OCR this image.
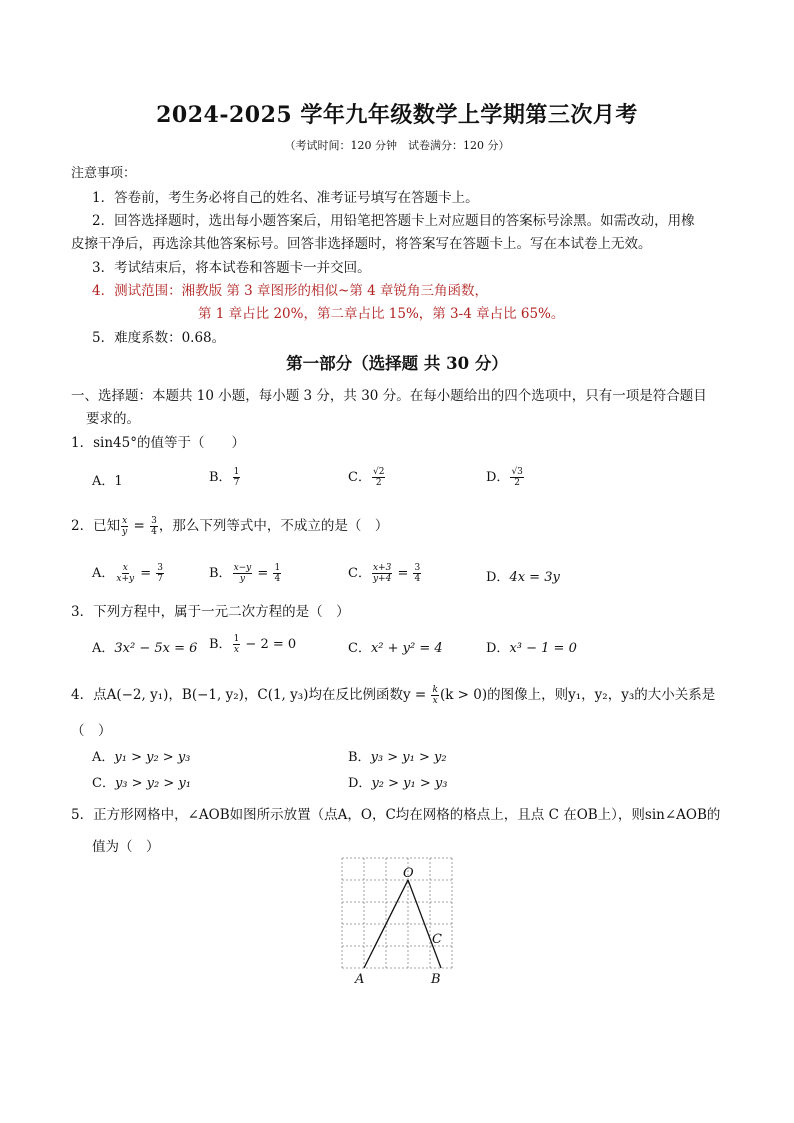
2024-2025 学年九年级数学上学期第三次月考
（考试时间：120 分钟　试卷满分：120 分）
注意事项：
1．答卷前，考生务必将自己的姓名、准考证号填写在答题卡上。
2．回答选择题时，选出每小题答案后，用铅笔把答题卡上对应题目的答案标号涂黑。如需改动，用橡
皮擦干净后，再选涂其他答案标号。回答非选择题时，将答案写在答题卡上。写在本试卷上无效。
3．考试结束后，将本试卷和答题卡一并交回。
4．测试范围：湘教版 第 3 章图形的相似~第 4 章锐角三角函数，
第 1 章占比 20%，第二章占比 15%，第 3-4 章占比 65%。
5．难度系数：0.68。
第一部分（选择题 共 30 分）
一、选择题：本题共 10 小题，每小题 3 分，共 30 分。在每小题给出的四个选项中，只有一项是符合题目
要求的。
1．sin45°的值等于（　　）
A．1	B． $\frac{1}{7}$	C． $\frac{√2}{2}$	D． $\frac{√3}{2}$
2．已知 $\frac{x}{y} = \frac{3}{4}$ ，那么下列等式中，不成立的是（　）
A． $\frac{x}{x+y} = \frac{3}{7}$	B． $\frac{x-y}{y} = \frac{1}{4}$	C． $\frac{x+3}{y+4} = \frac{3}{4}$	D．4x = 3y
3．下列方程中，属于一元二次方程的是（　）
A．3x² − 5x = 6 B． $\frac{1}{x} - 2 = 0$	C．x² + y² = 4	D．x³ − 1 = 0
4．点A(−2, y₁)，B(−1, y₂)，C(1, y₃)均在反比例函数$y = \frac{k}{x} (k > 0)$的图像上，则y₁，y₂，y₃的大小关系是
（　）
A．y₁ > y₂ > y₃	B．y₃ > y₁ > y₂
C．y₃ > y₂ > y₁	D．y₂ > y₁ > y₃
5．正方形网格中，∠AOB如图所示放置（点A，O，C均在网格的格点上，且点 C 在OB上），则sin∠AOB的
值为（　）
O
C
A	B
